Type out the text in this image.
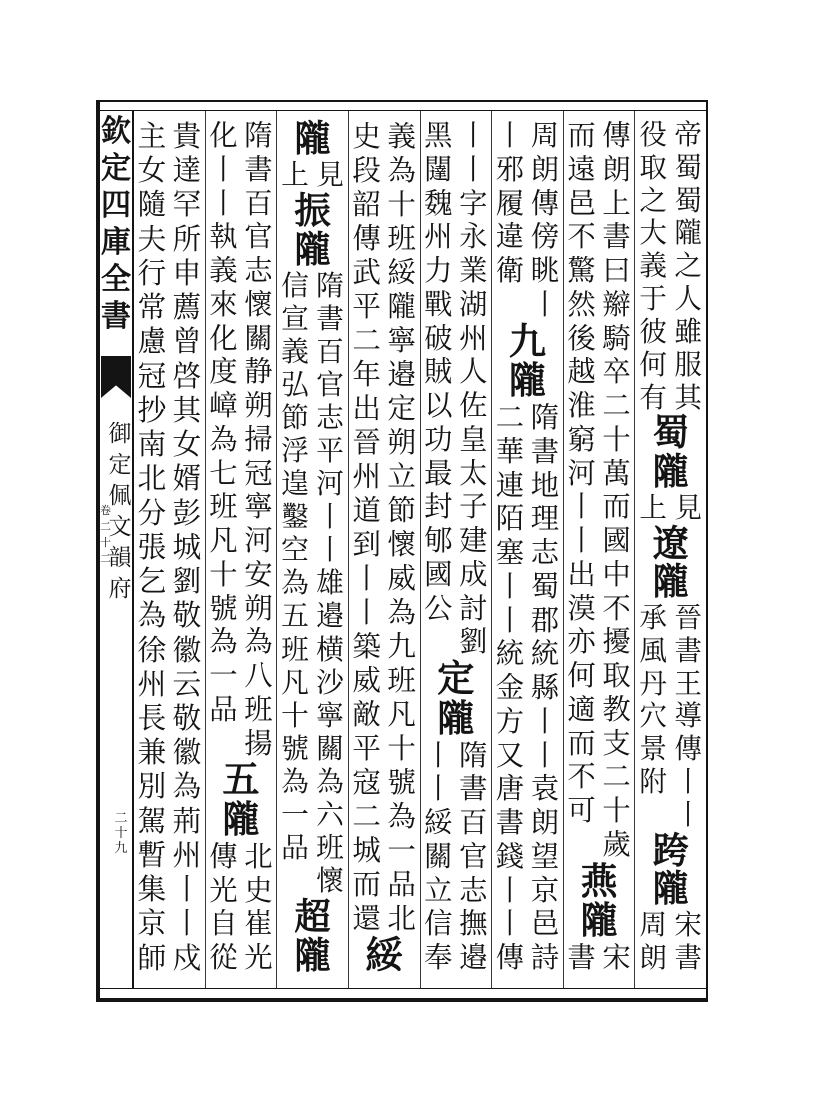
欽
定
四
庫
全
書
御
定
佩
文
韻
府
卷
二
十
二
二
十
九
帝
蜀
蜀
隴
之
人
雖
服
其
役
取
之
大
義
于
彼
何
有
蜀
隴
見
上
遼
隴
晉
書
王
導
傳
丨
丨
承
風
丹
穴
景
附
跨
隴
宋
書
周
朗
傳
朗
上
書
曰
辮
騎
卒
二
十
萬
而
國
中
不
擾
取
教
支
二
十
歲
而
遠
邑
不
驚
然
後
越
淮
窮
河
丨
丨
出
漠
亦
何
適
而
不
可
燕
隴
宋
書
周
朗
傳
傍
眺
丨
丨
邪
履
違
衛
九
隴
隋
書
地
理
志
蜀
郡
統
縣
丨
丨
袁
朗
望
京
邑
詩
二
華
連
陌
塞
丨
丨
統
金
方
又
唐
書
錢
丨
丨
傳
丨
丨
字
永
業
湖
州
人
佐
皇
太
子
建
成
討
劉
黑
闥
魏
州
力
戰
破
賊
以
功
最
封
郇
國
公
定
隴
隋
書
百
官
志
撫
邉
丨
丨
綏
關
立
信
奉
義
為
十
班
綏
隴
寧
邉
定
朔
立
節
懷
威
為
九
班
凡
十
號
為
一
品
北
史
段
韶
傳
武
平
二
年
出
晉
州
道
到
丨
丨
築
威
敵
平
寇
二
城
而
還
綏
隴
見
上
振
隴
隋
書
百
官
志
平
河
丨
丨
雄
邉
横
沙
寧
關
為
六
班
懷
信
宣
義
弘
節
浮
遑
鑿
空
為
五
班
凡
十
號
為
一
品
超
隴
隋
書
百
官
志
懷
關
静
朔
掃
冠
寧
河
安
朔
為
八
班
揚
化
丨
丨
執
義
來
化
度
嶂
為
七
班
凡
十
號
為
一
品
五
隴
北
史
崔
光
傳
光
自
從
貴
達
罕
所
申
薦
曾
啓
其
女
婿
彭
城
劉
敬
徽
云
敬
徽
為
荊
州
丨
丨
戍
主
女
隨
夫
行
常
慮
冠
抄
南
北
分
張
乞
為
徐
州
長
兼
別
駕
暫
集
京
師
